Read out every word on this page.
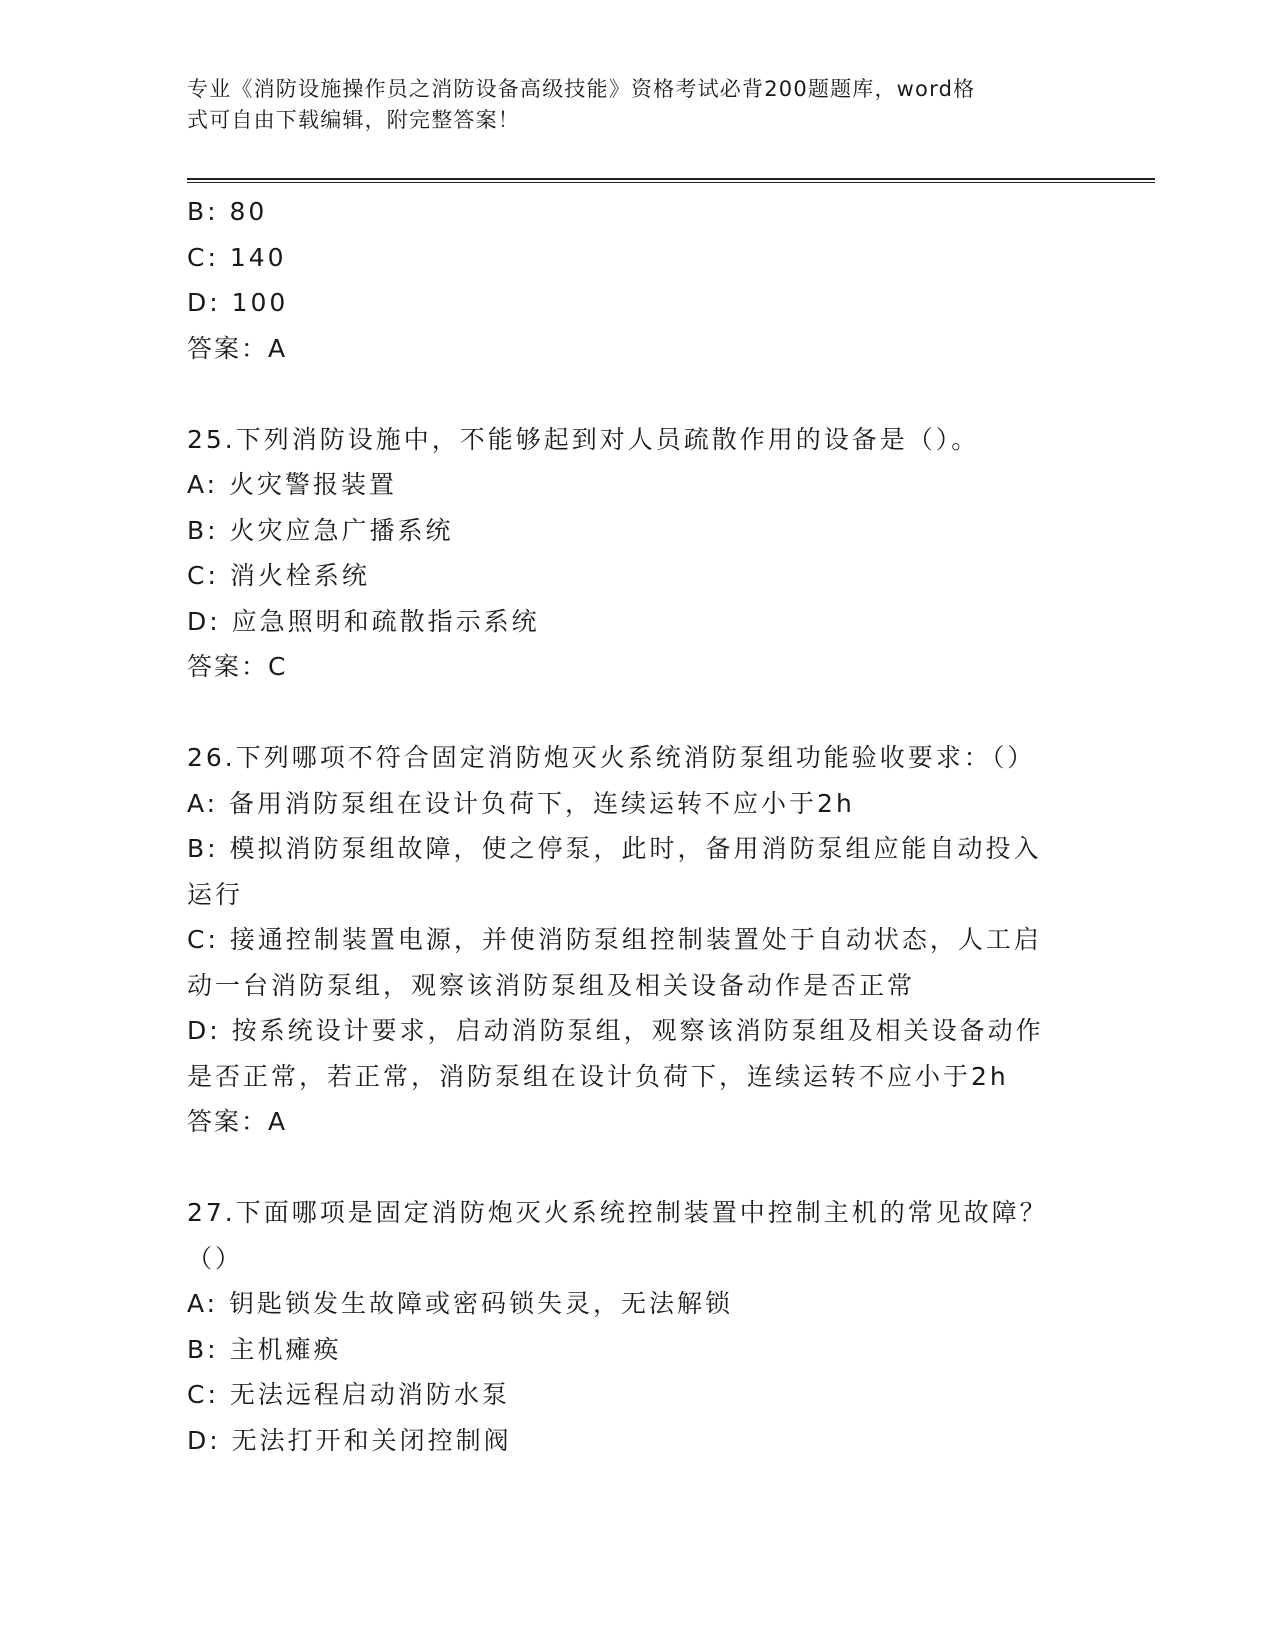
专业《消防设施操作员之消防设备高级技能》资格考试必背200题题库，word格
式可自由下载编辑，附完整答案！
B: 80
C: 140
D: 100
答案：A
25.下列消防设施中，不能够起到对人员疏散作用的设备是（）。
A: 火灾警报装置
B: 火灾应急广播系统
C: 消火栓系统
D: 应急照明和疏散指示系统
答案：C
26.下列哪项不符合固定消防炮灭火系统消防泵组功能验收要求：（）
A: 备用消防泵组在设计负荷下，连续运转不应小于2h
B: 模拟消防泵组故障，使之停泵，此时，备用消防泵组应能自动投入
运行
C: 接通控制装置电源，并使消防泵组控制装置处于自动状态，人工启
动一台消防泵组，观察该消防泵组及相关设备动作是否正常
D: 按系统设计要求，启动消防泵组，观察该消防泵组及相关设备动作
是否正常，若正常，消防泵组在设计负荷下，连续运转不应小于2h
答案：A
27.下面哪项是固定消防炮灭火系统控制装置中控制主机的常见故障？
（）
A: 钥匙锁发生故障或密码锁失灵，无法解锁
B: 主机瘫痪
C: 无法远程启动消防水泵
D: 无法打开和关闭控制阀
